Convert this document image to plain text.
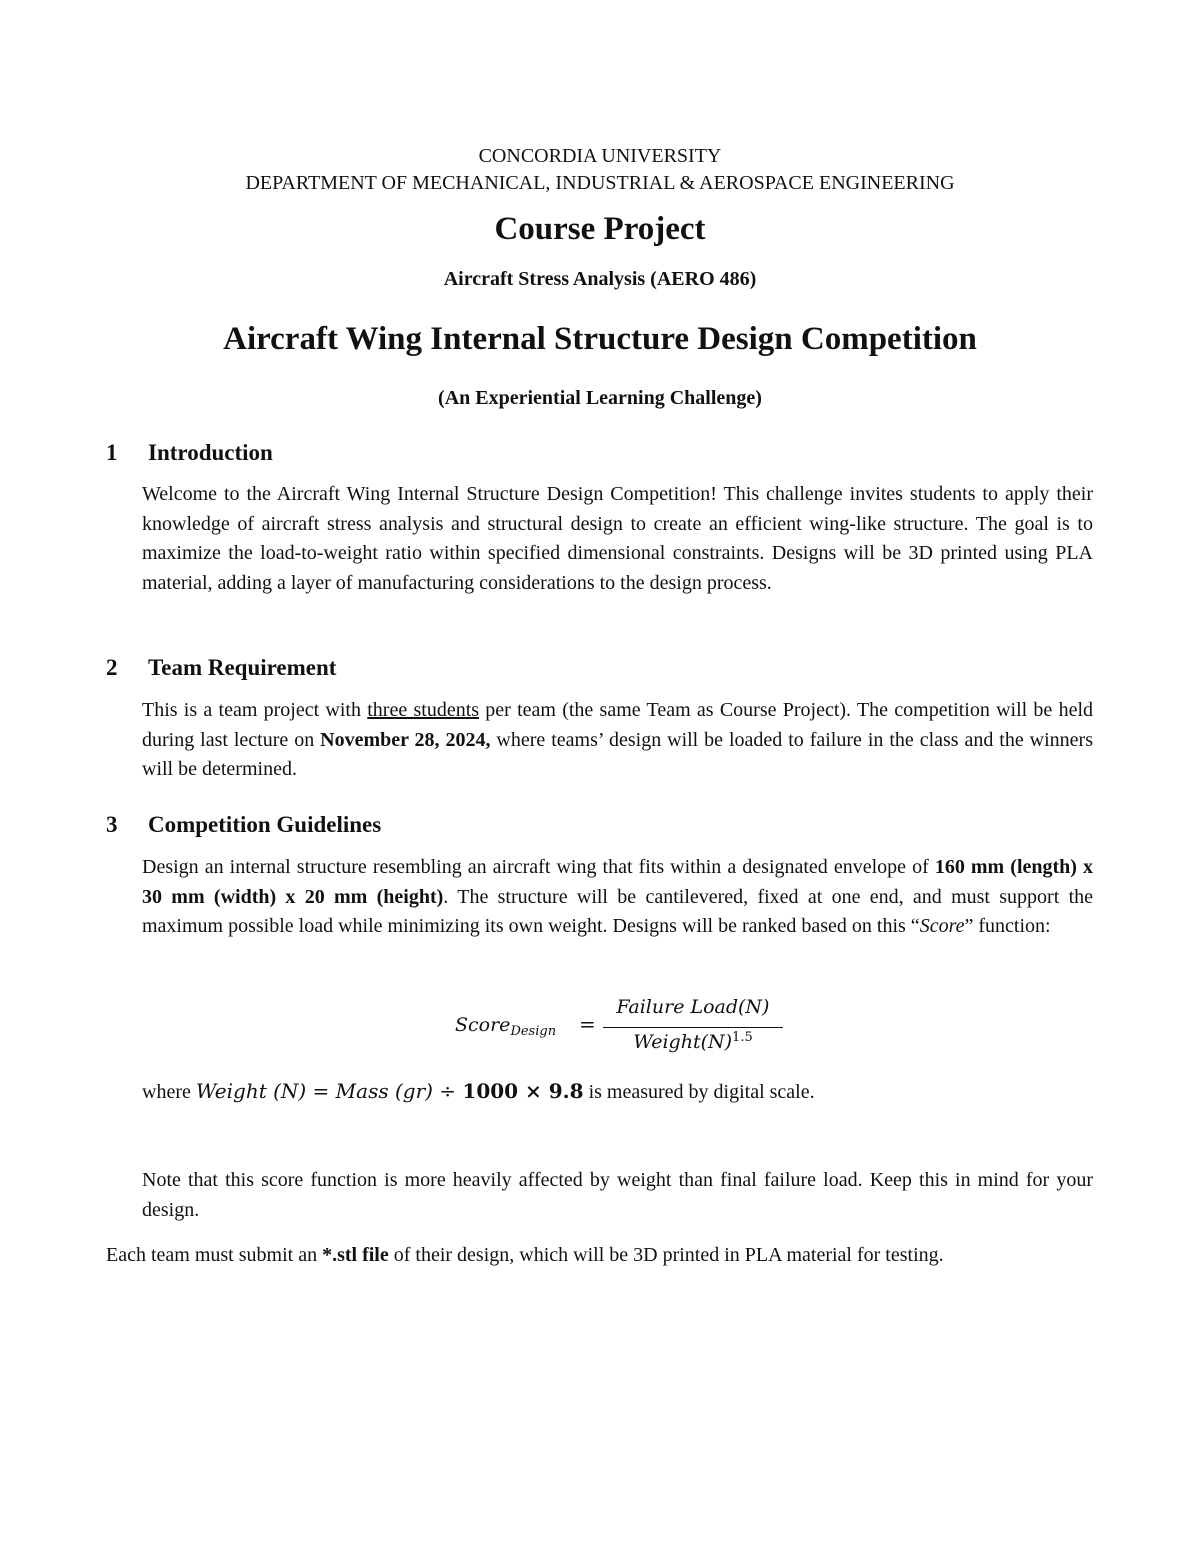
CONCORDIA UNIVERSITY
DEPARTMENT OF MECHANICAL, INDUSTRIAL & AEROSPACE ENGINEERING
Course Project
Aircraft Stress Analysis (AERO 486)
Aircraft Wing Internal Structure Design Competition
(An Experiential Learning Challenge)
1 Introduction
Welcome to the Aircraft Wing Internal Structure Design Competition! This challenge invites students to apply their knowledge of aircraft stress analysis and structural design to create an efficient wing-like structure. The goal is to maximize the load-to-weight ratio within specified dimensional constraints. Designs will be 3D printed using PLA material, adding a layer of manufacturing considerations to the design process.
2 Team Requirement
This is a team project with three students per team (the same Team as Course Project). The competition will be held during last lecture on November 28, 2024, where teams’ design will be loaded to failure in the class and the winners will be determined.
3 Competition Guidelines
Design an internal structure resembling an aircraft wing that fits within a designated envelope of 160 mm (length) x 30 mm (width) x 20 mm (height). The structure will be cantilevered, fixed at one end, and must support the maximum possible load while minimizing its own weight. Designs will be ranked based on this “Score” function:
Score$_{Design}$ =
Failure Load(N)
$Weight(N)^{1.5}$
where Weight (N) = Mass (gr) ÷ 1000 × 9.8 is measured by digital scale.
Note that this score function is more heavily affected by weight than final failure load. Keep this in mind for your design.
Each team must submit an *.stl file of their design, which will be 3D printed in PLA material for testing.
